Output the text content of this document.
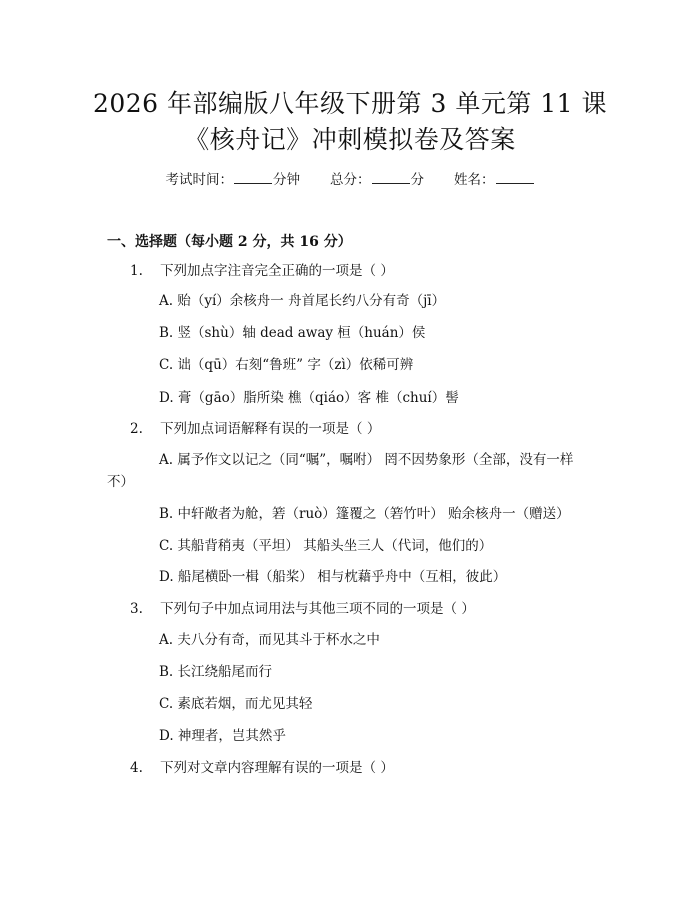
2026 年部编版八年级下册第 3 单元第 11 课
《核舟记》冲刺模拟卷及答案
考试时间：	分钟 总分：	分 姓名：
一、选择题（每小题 2 分，共 16 分）
1. 下列加点字注音完全正确的一项是（ ）
A. 贻（yí）余核舟一 舟首尾长约八分有奇（jī）
B. 竖（shù）轴 dead away 桓（huán）侯
C. 诎（qū）右刻“鲁班” 字（zì）依稀可辨
D. 膏（gāo）脂所染 樵（qiáo）客 椎（chuí）髻
2. 下列加点词语解释有误的一项是（ ）
A. 属予作文以记之（同“嘱”，嘱咐） 罔不因势象形（全部，没有一样
不）
B. 中轩敞者为舱，箬（ruò）篷覆之（箬竹叶） 贻余核舟一（赠送）
C. 其船背稍夷（平坦） 其船头坐三人（代词，他们的）
D. 船尾横卧一楫（船桨） 相与枕藉乎舟中（互相，彼此）
3. 下列句子中加点词用法与其他三项不同的一项是（ ）
A. 夫八分有奇，而见其斗于杯水之中
B. 长江绕船尾而行
C. 素底若烟，而尤见其轻
D. 神理者，岂其然乎
4. 下列对文章内容理解有误的一项是（ ）
